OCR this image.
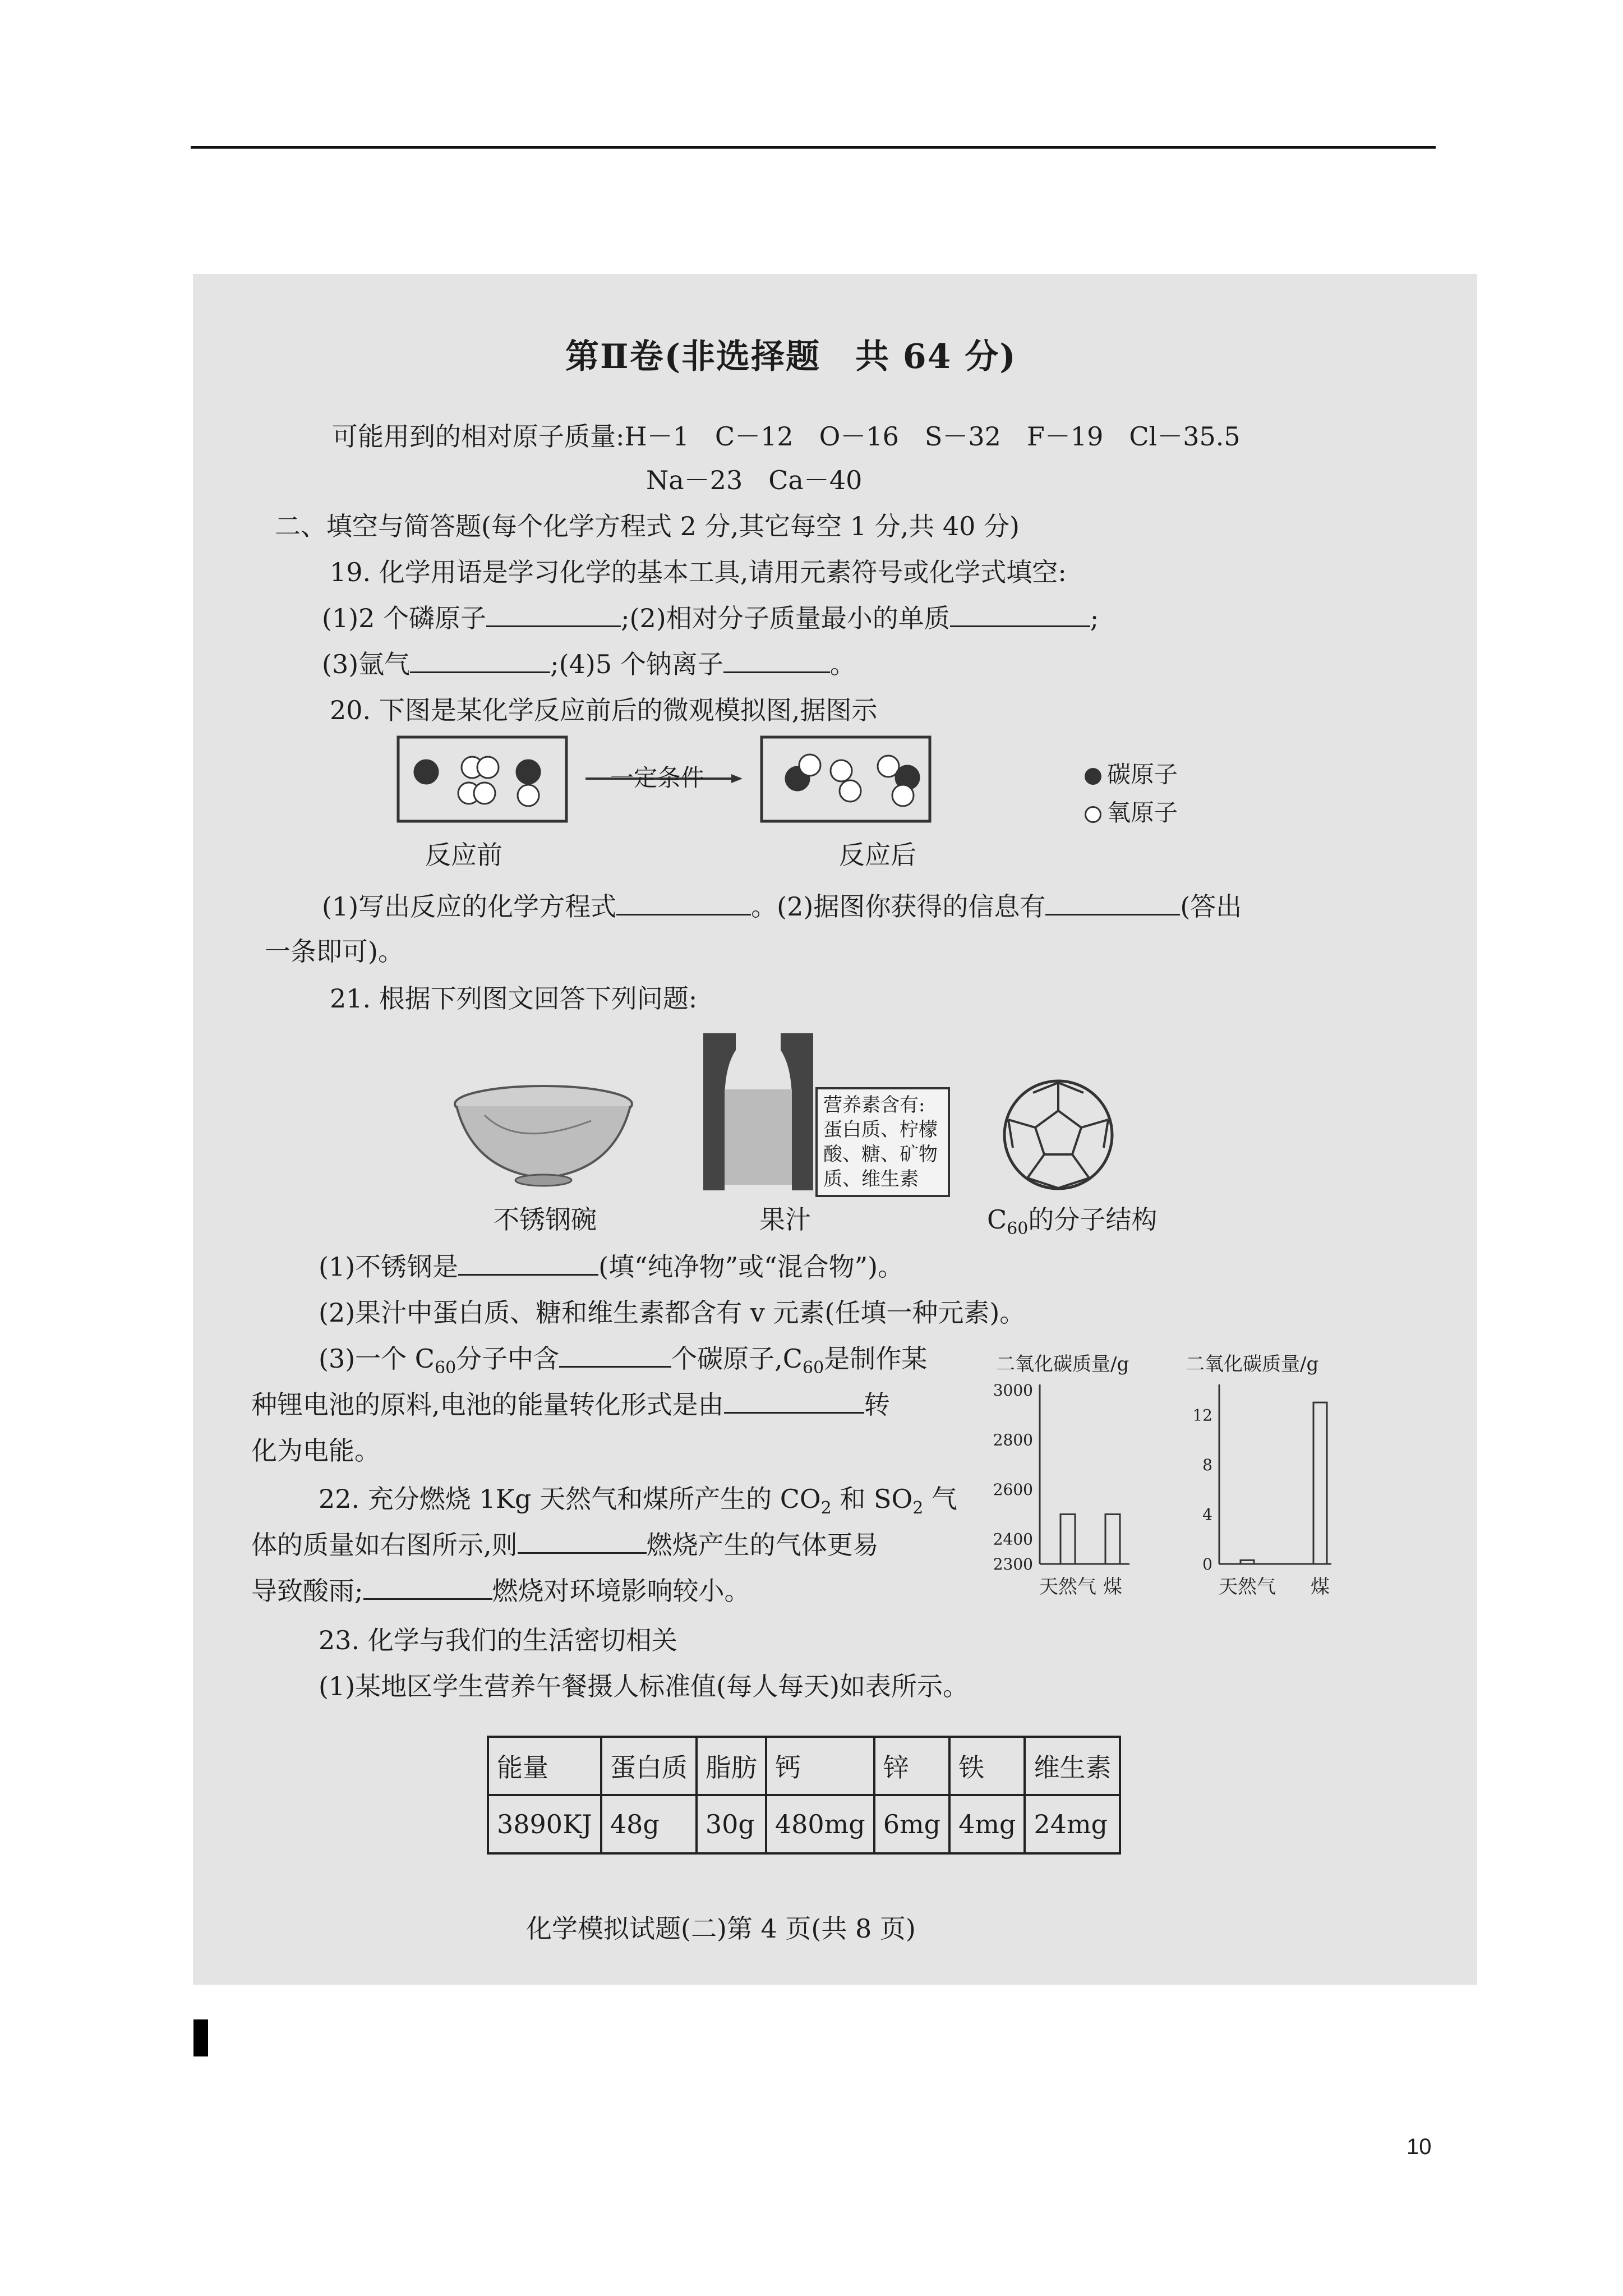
第Ⅱ卷(非选择题　共 64 分)
可能用到的相对原子质量:H－1　C－12　O－16　S－32　F－19　Cl－35.5
Na－23　Ca－40
二、填空与简答题(每个化学方程式 2 分,其它每空 1 分,共 40 分)
19. 化学用语是学习化学的基本工具,请用元素符号或化学式填空:
(1)2 个磷原子	;(2)相对分子质量最小的单质	;
(3)氩气	;(4)5 个钠离子	。
20. 下图是某化学反应前后的微观模拟图,据图示
一定条件
反应前	反应后
碳原子
氧原子
(1)写出反应的化学方程式	。(2)据图你获得的信息有	(答出
一条即可)。
21. 根据下列图文回答下列问题:
不锈钢碗
营养素含有:蛋白质、柠檬酸、糖、矿物质、维生素
果汁	$C_{60}$的分子结构
(1)不锈钢是	(填“纯净物”或“混合物”)。
(2)果汁中蛋白质、糖和维生素都含有 v 元素(任填一种元素)。
(3)一个 $C_{60}$分子中含	个碳原子$,C_{60}$是制作某
种锂电池的原料,电池的能量转化形式是由	转
化为电能。
22. 充分燃烧 1Kg 天然气和煤所产生的 $CO_2$ 和 $SO_2$ 气
体的质量如右图所示,则	燃烧产生的气体更易
导致酸雨;	燃烧对环境影响较小。
二氧化碳质量/g	二氧化碳质量/g
2300
2400
2600
2800
3000
天然气 煤
0
4
8
12
天然气 煤
23. 化学与我们的生活密切相关
(1)某地区学生营养午餐摄人标准值(每人每天)如表所示。
能量	蛋白质	脂肪	钙	锌	铁	维生素
3890KJ	48g	30g	480mg	6mg	4mg	24mg
化学模拟试题(二)第 4 页(共 8 页)
10
